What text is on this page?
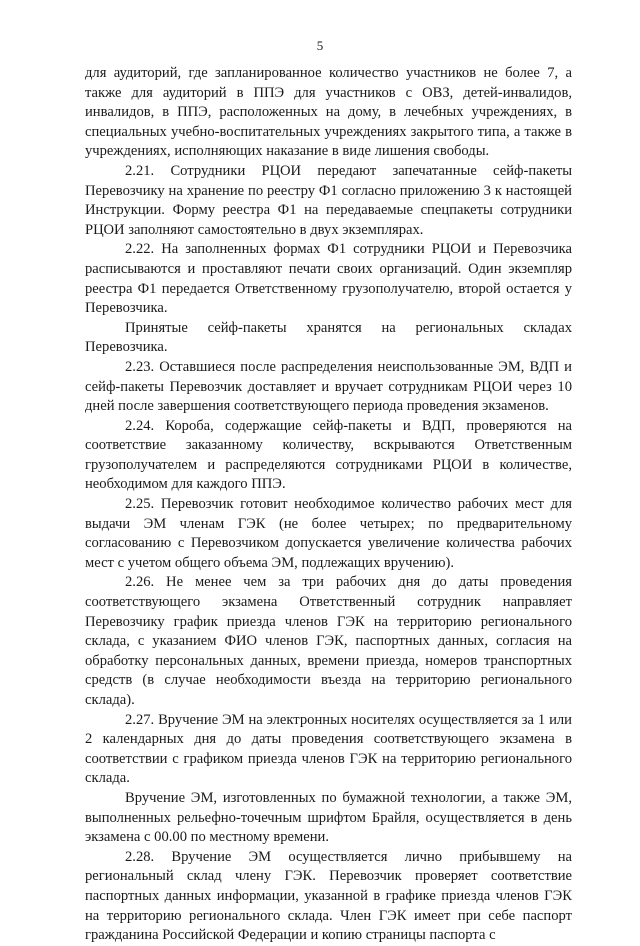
5

для аудиторий, где запланированное количество участников не более 7, а также для аудиторий в ППЭ для участников с ОВЗ, детей-инвалидов, инвалидов, в ППЭ, расположенных на дому, в лечебных учреждениях, в специальных учебно-воспитательных учреждениях закрытого типа, а также в учреждениях, исполняющих наказание в виде лишения свободы.

2.21. Сотрудники РЦОИ передают запечатанные сейф-пакеты Перевозчику на хранение по реестру Ф1 согласно приложению 3 к настоящей Инструкции. Форму реестра Ф1 на передаваемые спецпакеты сотрудники РЦОИ заполняют самостоятельно в двух экземплярах.

2.22. На заполненных формах Ф1 сотрудники РЦОИ и Перевозчика расписываются и проставляют печати своих организаций. Один экземпляр реестра Ф1 передается Ответственному грузополучателю, второй остается у Перевозчика.

Принятые сейф-пакеты хранятся на региональных складах Перевозчика.

2.23. Оставшиеся после распределения неиспользованные ЭМ, ВДП и сейф-пакеты Перевозчик доставляет и вручает сотрудникам РЦОИ через 10 дней после завершения соответствующего периода проведения экзаменов.

2.24. Короба, содержащие сейф-пакеты и ВДП, проверяются на соответствие заказанному количеству, вскрываются Ответственным грузополучателем и распределяются сотрудниками РЦОИ в количестве, необходимом для каждого ППЭ.

2.25. Перевозчик готовит необходимое количество рабочих мест для выдачи ЭМ членам ГЭК (не более четырех; по предварительному согласованию с Перевозчиком допускается увеличение количества рабочих мест с учетом общего объема ЭМ, подлежащих вручению).

2.26. Не менее чем за три рабочих дня до даты проведения соответствующего экзамена Ответственный сотрудник направляет Перевозчику график приезда членов ГЭК на территорию регионального склада, с указанием ФИО членов ГЭК, паспортных данных, согласия на обработку персональных данных, времени приезда, номеров транспортных средств (в случае необходимости въезда на территорию регионального склада).

2.27. Вручение ЭМ на электронных носителях осуществляется за 1 или 2 календарных дня до даты проведения соответствующего экзамена в соответствии с графиком приезда членов ГЭК на территорию регионального склада.

Вручение ЭМ, изготовленных по бумажной технологии, а также ЭМ, выполненных рельефно-точечным шрифтом Брайля, осуществляется в день экзамена с 00.00 по местному времени.

2.28. Вручение ЭМ осуществляется лично прибывшему на региональный склад члену ГЭК. Перевозчик проверяет соответствие паспортных данных информации, указанной в графике приезда членов ГЭК на территорию регионального склада. Член ГЭК имеет при себе паспорт гражданина Российской Федерации и копию страницы паспорта с
